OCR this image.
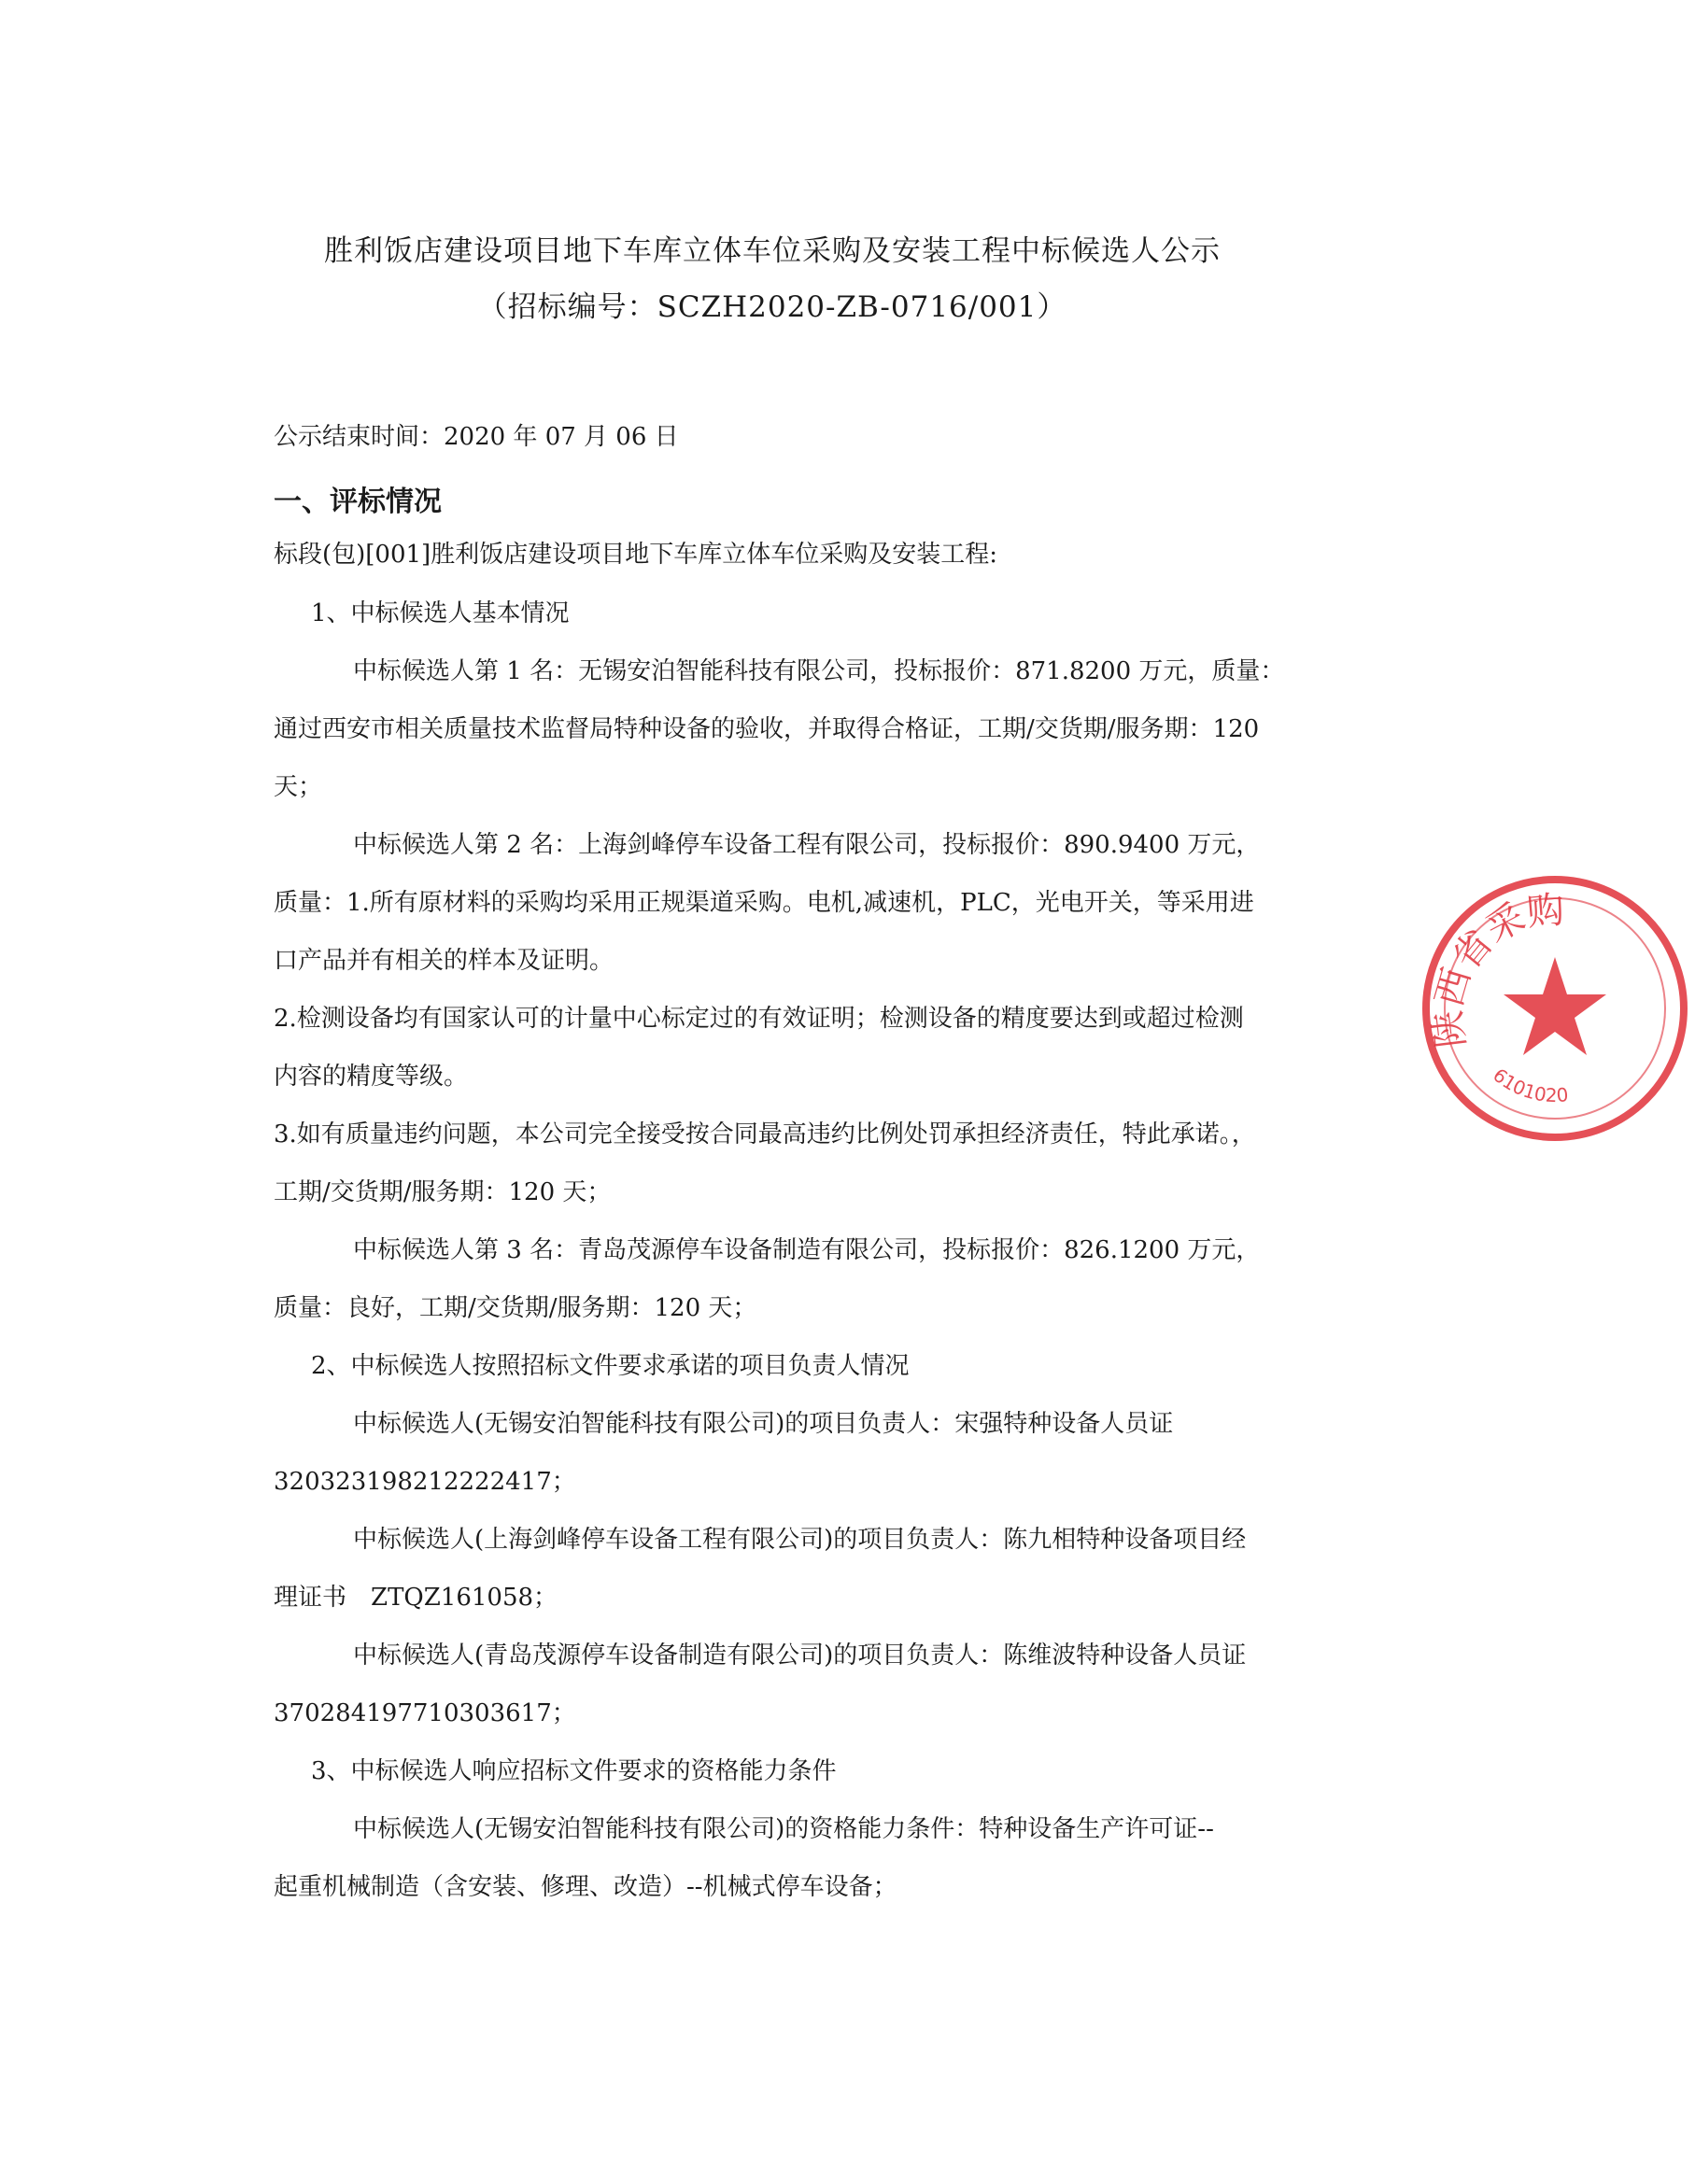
胜利饭店建设项目地下车库立体车位采购及安装工程中标候选人公示
（招标编号：SCZH2020-ZB-0716/001）
公示结束时间：2020 年 07 月 06 日
一、评标情况
标段(包)[001]胜利饭店建设项目地下车库立体车位采购及安装工程:
1、中标候选人基本情况
中标候选人第 1 名：无锡安泊智能科技有限公司，投标报价：871.8200 万元，质量：
通过西安市相关质量技术监督局特种设备的验收，并取得合格证，工期/交货期/服务期：120
天；
中标候选人第 2 名：上海剑峰停车设备工程有限公司，投标报价：890.9400 万元，
质量：1.所有原材料的采购均采用正规渠道采购。电机,减速机，PLC，光电开关，等采用进
口产品并有相关的样本及证明。
2.检测设备均有国家认可的计量中心标定过的有效证明；检测设备的精度要达到或超过检测
内容的精度等级。
3.如有质量违约问题，本公司完全接受按合同最高违约比例处罚承担经济责任，特此承诺。，
工期/交货期/服务期：120 天；
中标候选人第 3 名：青岛茂源停车设备制造有限公司，投标报价：826.1200 万元，
质量：良好，工期/交货期/服务期：120 天；
2、中标候选人按照招标文件要求承诺的项目负责人情况
中标候选人(无锡安泊智能科技有限公司)的项目负责人：宋强特种设备人员证
320323198212222417；
中标候选人(上海剑峰停车设备工程有限公司)的项目负责人：陈九相特种设备项目经
理证书　ZTQZ161058；
中标候选人(青岛茂源停车设备制造有限公司)的项目负责人：陈维波特种设备人员证
370284197710303617；
3、中标候选人响应招标文件要求的资格能力条件
中标候选人(无锡安泊智能科技有限公司)的资格能力条件：特种设备生产许可证--
起重机械制造（含安装、修理、改造）--机械式停车设备；
陕西省采购
6101020
